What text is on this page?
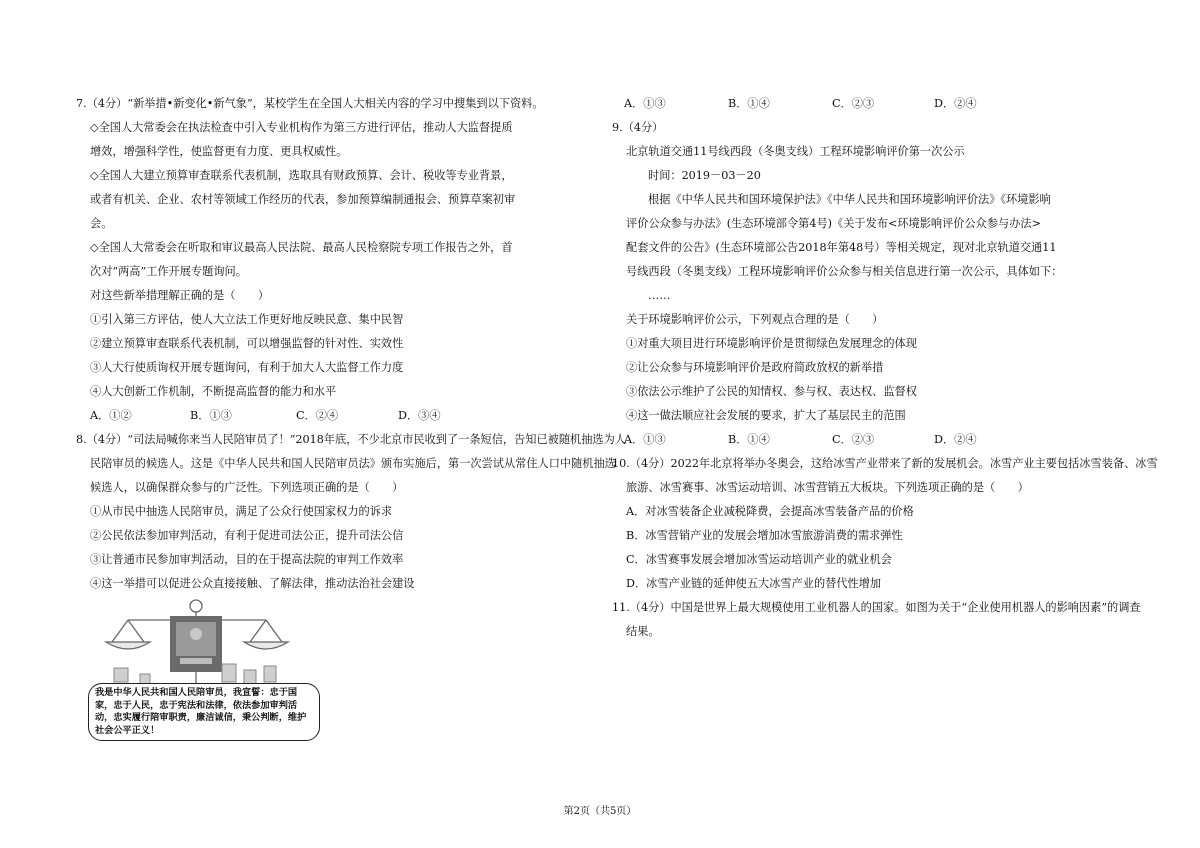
7.（4分）“新举措•新变化•新气象”，某校学生在全国人大相关内容的学习中搜集到以下资料。
◇全国人大常委会在执法检查中引入专业机构作为第三方进行评估，推动人大监督提质
增效，增强科学性，使监督更有力度、更具权威性。
◇全国人大建立预算审查联系代表机制，选取具有财政预算、会计、税收等专业背景，
或者有机关、企业、农村等领域工作经历的代表，参加预算编制通报会、预算草案初审
会。
◇全国人大常委会在听取和审议最高人民法院、最高人民检察院专项工作报告之外，首
次对“两高”工作开展专题询问。
对这些新举措理解正确的是（　　）
①引入第三方评估，使人大立法工作更好地反映民意、集中民智
②建立预算审查联系代表机制，可以增强监督的针对性、实效性
③人大行使质询权开展专题询问，有利于加大人大监督工作力度
④人大创新工作机制，不断提高监督的能力和水平
A．①②	B．①③	C．②④	D．③④
8.（4分）“司法局喊你来当人民陪审员了！”2018年底，不少北京市民收到了一条短信，告知已被随机抽选为人
民陪审员的候选人。这是《中华人民共和国人民陪审员法》颁布实施后，第一次尝试从常住人口中随机抽选
候选人，以确保群众参与的广泛性。下列选项正确的是（　　）
①从市民中抽选人民陪审员，满足了公众行使国家权力的诉求
②公民依法参加审判活动，有利于促进司法公正，提升司法公信
③让普通市民参加审判活动，目的在于提高法院的审判工作效率
④这一举措可以促进公众直接接触、了解法律，推动法治社会建设
我是中华人民共和国人民陪审员，我宣誓：忠于国家，忠于人民，忠于宪法和法律，依法参加审判活动，忠实履行陪审职责，廉洁诚信，秉公判断，维护社会公平正义！
A．①③	B．①④	C．②③	D．②④
9.（4分）
北京轨道交通11号线西段（冬奥支线）工程环境影响评价第一次公示
时间：2019－03－20
根据《中华人民共和国环境保护法》《中华人民共和国环境影响评价法》《环境影响
评价公众参与办法》(生态环境部令第4号)《关于发布<环境影响评价公众参与办法>
配套文件的公告》(生态环境部公告2018年第48号）等相关规定，现对北京轨道交通11
号线西段（冬奥支线）工程环境影响评价公众参与相关信息进行第一次公示，具体如下：
……
关于环境影响评价公示，下列观点合理的是（　　）
①对重大项目进行环境影响评价是贯彻绿色发展理念的体现
②让公众参与环境影响评价是政府简政放权的新举措
③依法公示维护了公民的知情权、参与权、表达权、监督权
④这一做法顺应社会发展的要求，扩大了基层民主的范围
A．①③	B．①④	C．②③	D．②④
10.（4分）2022年北京将举办冬奥会，这给冰雪产业带来了新的发展机会。冰雪产业主要包括冰雪装备、冰雪
旅游、冰雪赛事、冰雪运动培训、冰雪营销五大板块。下列选项正确的是（　　）
A．对冰雪装备企业减税降费，会提高冰雪装备产品的价格
B．冰雪营销产业的发展会增加冰雪旅游消费的需求弹性
C．冰雪赛事发展会增加冰雪运动培训产业的就业机会
D．冰雪产业链的延伸使五大冰雪产业的替代性增加
11.（4分）中国是世界上最大规模使用工业机器人的国家。如图为关于“企业使用机器人的影响因素”的调查
结果。
第2页（共5页）
